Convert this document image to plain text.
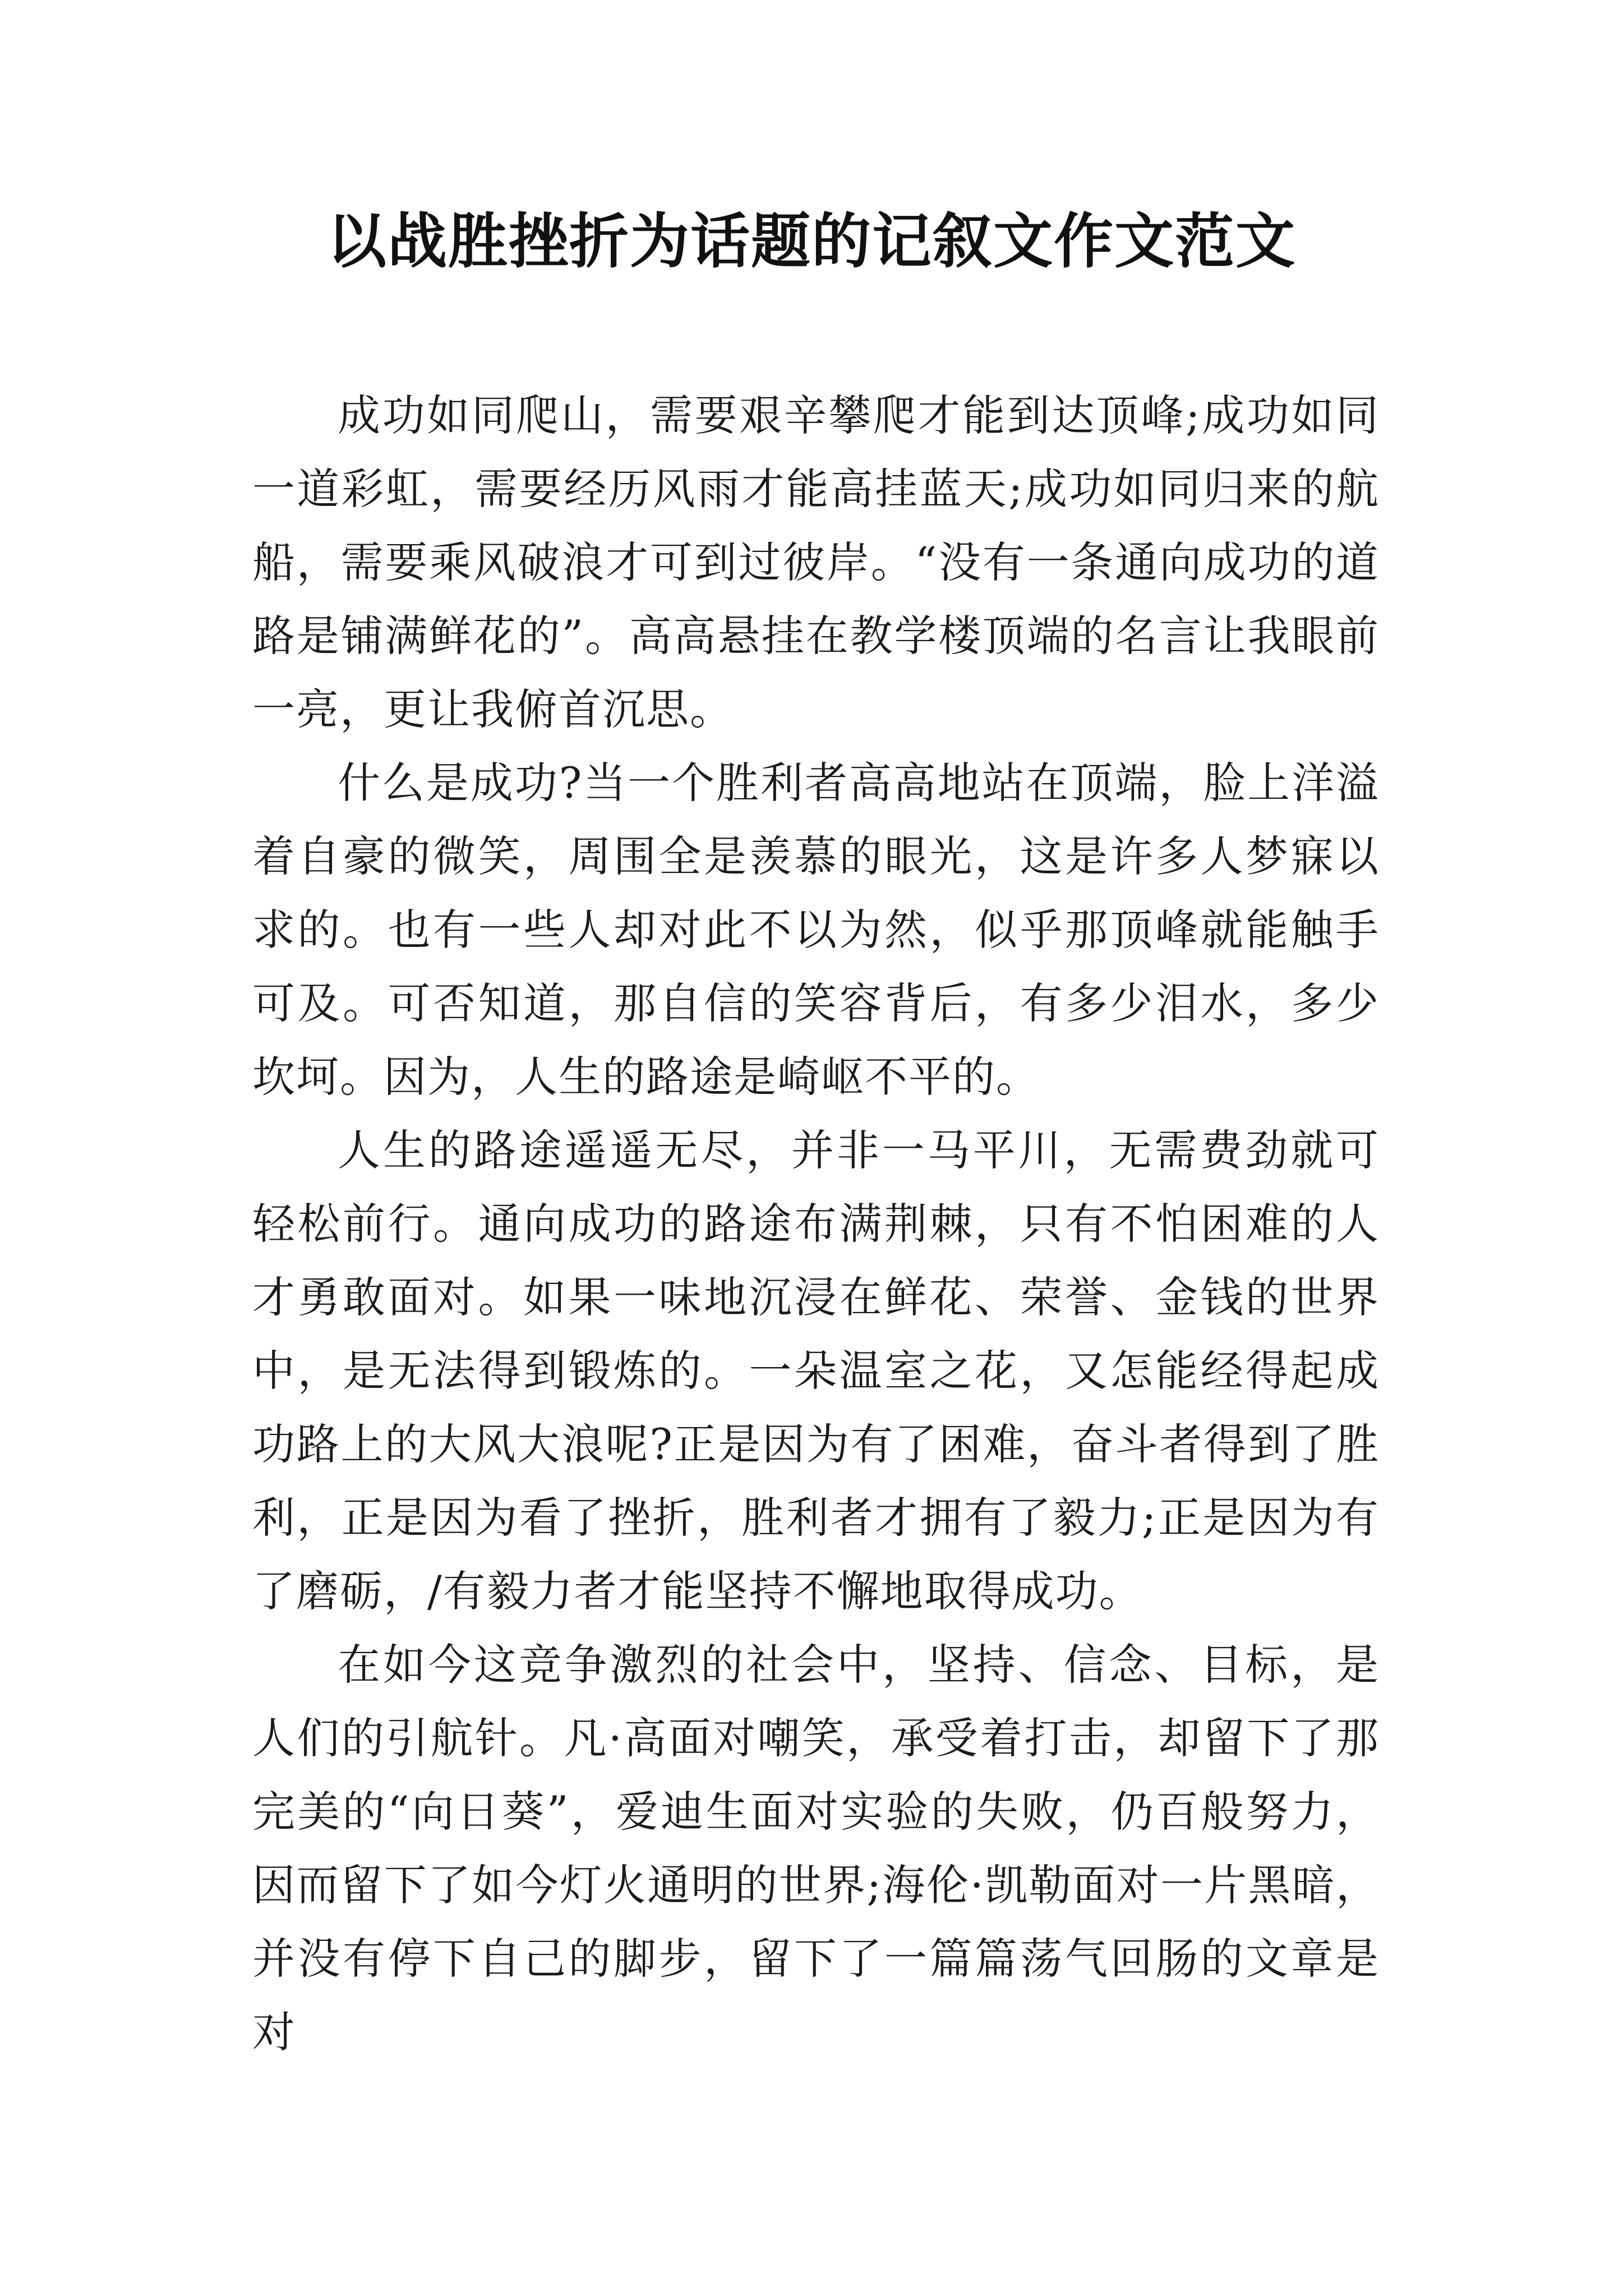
以战胜挫折为话题的记叙文作文范文

成功如同爬山，需要艰辛攀爬才能到达顶峰;成功如同一道彩虹，需要经历风雨才能高挂蓝天;成功如同归来的航船，需要乘风破浪才可到过彼岸。“没有一条通向成功的道路是铺满鲜花的”。高高悬挂在教学楼顶端的名言让我眼前一亮，更让我俯首沉思。

什么是成功?当一个胜利者高高地站在顶端，脸上洋溢着自豪的微笑，周围全是羡慕的眼光，这是许多人梦寐以求的。也有一些人却对此不以为然，似乎那顶峰就能触手可及。可否知道，那自信的笑容背后，有多少泪水，多少坎坷。因为，人生的路途是崎岖不平的。

人生的路途遥遥无尽，并非一马平川，无需费劲就可轻松前行。通向成功的路途布满荆棘，只有不怕困难的人才勇敢面对。如果一味地沉浸在鲜花、荣誉、金钱的世界中，是无法得到锻炼的。一朵温室之花，又怎能经得起成功路上的大风大浪呢?正是因为有了困难，奋斗者得到了胜利，正是因为看了挫折，胜利者才拥有了毅力;正是因为有了磨砺，/有毅力者才能坚持不懈地取得成功。

在如今这竞争激烈的社会中，坚持、信念、目标，是人们的引航针。凡·高面对嘲笑，承受着打击，却留下了那完美的“向日葵”，爱迪生面对实验的失败，仍百般努力，因而留下了如今灯火通明的世界;海伦·凯勒面对一片黑暗，并没有停下自己的脚步，留下了一篇篇荡气回肠的文章是对
